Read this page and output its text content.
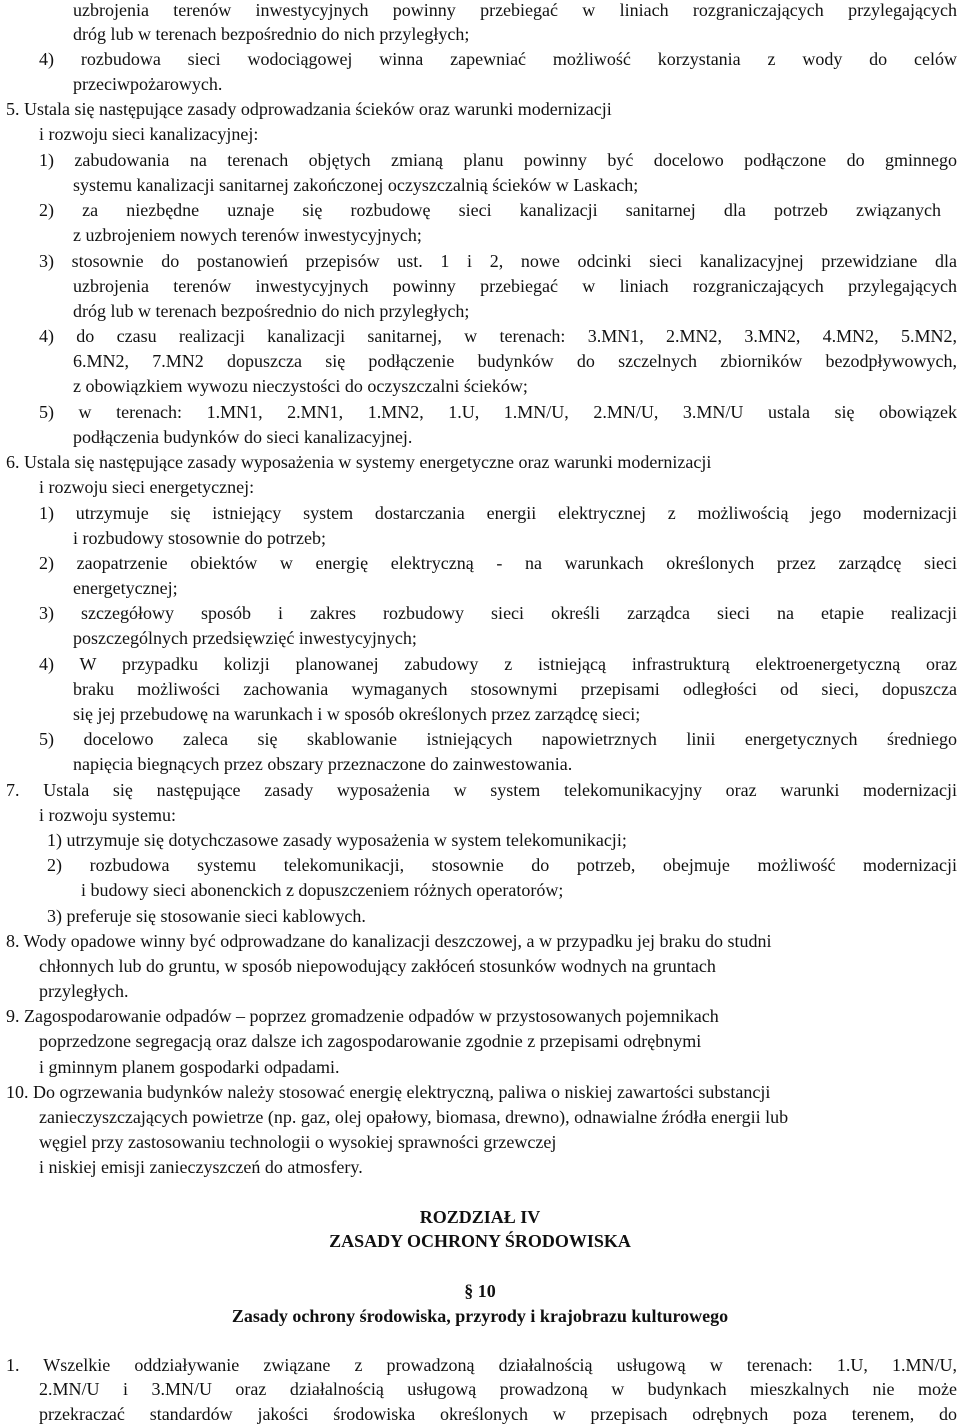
uzbrojenia terenów inwestycyjnych powinny przebiegać w liniach rozgraniczających przylegających
dróg lub w terenach bezpośrednio do nich przyległych;
4) rozbudowa sieci wodociągowej winna zapewniać możliwość korzystania z wody do celów
przeciwpożarowych.
5. Ustala się następujące zasady odprowadzania ścieków oraz warunki modernizacji
i rozwoju sieci kanalizacyjnej:
1) zabudowania na terenach objętych zmianą planu powinny być docelowo podłączone do gminnego
systemu kanalizacji sanitarnej zakończonej oczyszczalnią ścieków w Laskach;
2) za niezbędne uznaje się rozbudowę sieci kanalizacji sanitarnej dla potrzeb związanych
z uzbrojeniem nowych terenów inwestycyjnych;
3) stosownie do postanowień przepisów ust. 1 i 2, nowe odcinki sieci kanalizacyjnej przewidziane dla
uzbrojenia terenów inwestycyjnych powinny przebiegać w liniach rozgraniczających przylegających
dróg lub w terenach bezpośrednio do nich przyległych;
4) do czasu realizacji kanalizacji sanitarnej, w terenach: 3.MN1, 2.MN2, 3.MN2, 4.MN2, 5.MN2,
6.MN2, 7.MN2 dopuszcza się podłączenie budynków do szczelnych zbiorników bezodpływowych,
z obowiązkiem wywozu nieczystości do oczyszczalni ścieków;
5) w terenach: 1.MN1, 2.MN1, 1.MN2, 1.U, 1.MN/U, 2.MN/U, 3.MN/U ustala się obowiązek
podłączenia budynków do sieci kanalizacyjnej.
6. Ustala się następujące zasady wyposażenia w systemy energetyczne oraz warunki modernizacji
i rozwoju sieci energetycznej:
1) utrzymuje się istniejący system dostarczania energii elektrycznej z możliwością jego modernizacji
i rozbudowy stosownie do potrzeb;
2) zaopatrzenie obiektów w energię elektryczną - na warunkach określonych przez zarządcę sieci
energetycznej;
3) szczegółowy sposób i zakres rozbudowy sieci określi zarządca sieci na etapie realizacji
poszczególnych przedsięwzięć inwestycyjnych;
4) W przypadku kolizji planowanej zabudowy z istniejącą infrastrukturą elektroenergetyczną oraz
braku możliwości zachowania wymaganych stosownymi przepisami odległości od sieci, dopuszcza
się jej przebudowę na warunkach i w sposób określonych przez zarządcę sieci;
5) docelowo zaleca się skablowanie istniejących napowietrznych linii energetycznych średniego
napięcia biegnących przez obszary przeznaczone do zainwestowania.
7. Ustala się następujące zasady wyposażenia w system telekomunikacyjny oraz warunki modernizacji
i rozwoju systemu:
1) utrzymuje się dotychczasowe zasady wyposażenia w system telekomunikacji;
2) rozbudowa systemu telekomunikacji, stosownie do potrzeb, obejmuje możliwość modernizacji
i budowy sieci abonenckich z dopuszczeniem różnych operatorów;
3) preferuje się stosowanie sieci kablowych.
8. Wody opadowe winny być odprowadzane do kanalizacji deszczowej, a w przypadku jej braku do studni
chłonnych lub do gruntu, w sposób niepowodujący zakłóceń stosunków wodnych na gruntach
przyległych.
9. Zagospodarowanie odpadów – poprzez gromadzenie odpadów w przystosowanych pojemnikach
poprzedzone segregacją oraz dalsze ich zagospodarowanie zgodnie z przepisami odrębnymi
i gminnym planem gospodarki odpadami.
10. Do ogrzewania budynków należy stosować energię elektryczną, paliwa o niskiej zawartości substancji
zanieczyszczających powietrze (np. gaz, olej opałowy, biomasa, drewno), odnawialne źródła energii lub
węgiel przy zastosowaniu technologii o wysokiej sprawności grzewczej
i niskiej emisji zanieczyszczeń do atmosfery.
ROZDZIAŁ IV
ZASADY OCHRONY ŚRODOWISKA
§ 10
Zasady ochrony środowiska, przyrody i krajobrazu kulturowego
1. Wszelkie oddziaływanie związane z prowadzoną działalnością usługową w terenach: 1.U, 1.MN/U,
2.MN/U i 3.MN/U oraz działalnością usługową prowadzoną w budynkach mieszkalnych nie może
przekraczać standardów jakości środowiska określonych w przepisach odrębnych poza terenem, do
